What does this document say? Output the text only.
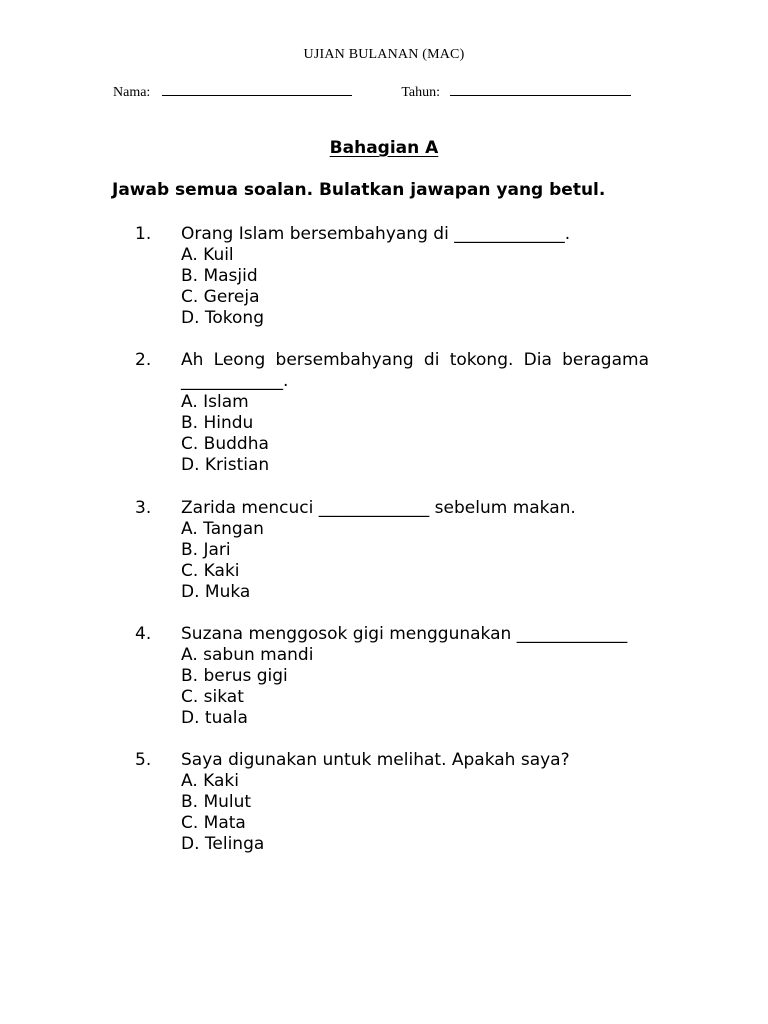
UJIAN BULANAN (MAC)
Nama:	Tahun:
Bahagian A
Jawab semua soalan. Bulatkan jawapan yang betul.
1.	Orang Islam bersembahyang di _____________.
A. Kuil
B. Masjid
C. Gereja
D. Tokong
2.	Ah Leong bersembahyang di tokong. Dia beragama
____________.
A. Islam
B. Hindu
C. Buddha
D. Kristian
3.	Zarida mencuci _____________ sebelum makan.
A. Tangan
B. Jari
C. Kaki
D. Muka
4.	Suzana menggosok gigi menggunakan _____________
A. sabun mandi
B. berus gigi
C. sikat
D. tuala
5.	Saya digunakan untuk melihat. Apakah saya?
A. Kaki
B. Mulut
C. Mata
D. Telinga
